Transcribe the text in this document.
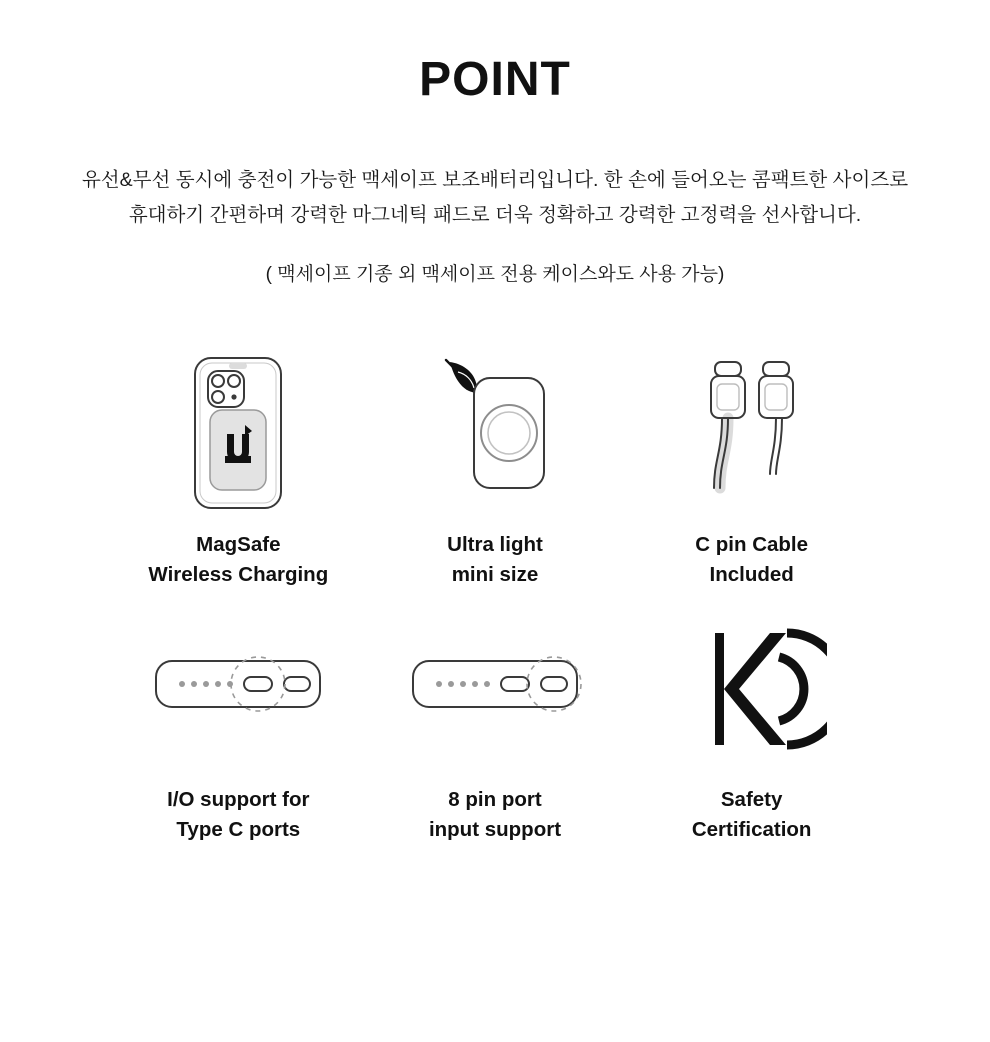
POINT
유선&무선 동시에 충전이 가능한 맥세이프 보조배터리입니다. 한 손에 들어오는 콤팩트한 사이즈로
휴대하기 간편하며 강력한 마그네틱 패드로 더욱 정확하고 강력한 고정력을 선사합니다.
( 맥세이프 기종 외 맥세이프 전용 케이스와도 사용 가능)
MagSafe
Wireless Charging
Ultra light
mini size
C pin Cable
Included
I/O support for
Type C ports
8 pin port
input support
Safety
Certification
